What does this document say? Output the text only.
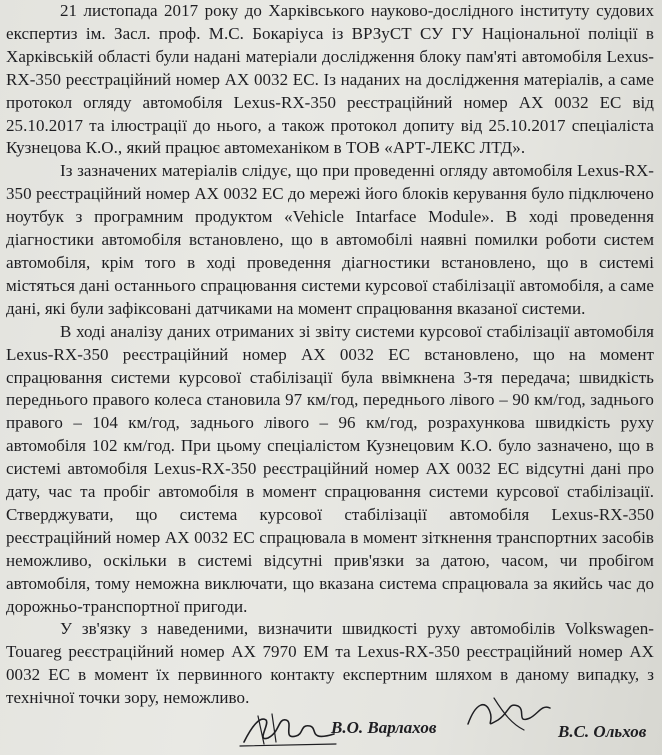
21 листопада 2017 року до Харківського науково-дослідного інституту судових експертиз ім. Засл. проф. М.С. Бокаріуса із ВРЗуСТ СУ ГУ Національної поліції в Харківській області були надані матеріали дослідження блоку пам'яті автомобіля Lexus-RX-350 реєстраційний номер АХ 0032 ЕС. Із наданих на дослідження матеріалів, а саме протокол огляду автомобіля Lexus-RX-350 реєстраційний номер АХ 0032 ЕС від 25.10.2017 та ілюстрації до нього, а також протокол допиту від 25.10.2017 спеціаліста Кузнецова К.О., який працює автомеханіком в ТОВ «АРТ-ЛЕКС ЛТД».

Із зазначених матеріалів слідує, що при проведенні огляду автомобіля Lexus-RX-350 реєстраційний номер АХ 0032 ЕС до мережі його блоків керування було підключено ноутбук з програмним продуктом «Vehicle Intarface Module». В ході проведення діагностики автомобіля встановлено, що в автомобілі наявні помилки роботи систем автомобіля, крім того в ході проведення діагностики встановлено, що в системі містяться дані останнього спрацювання системи курсової стабілізації автомобіля, а саме дані, які були зафіксовані датчиками на момент спрацювання вказаної системи.

В ході аналізу даних отриманих зі звіту системи курсової стабілізації автомобіля Lexus-RX-350 реєстраційний номер АХ 0032 ЕС встановлено, що на момент спрацювання системи курсової стабілізації була ввімкнена 3-тя передача; швидкість переднього правого колеса становила 97 км/год, переднього лівого – 90 км/год, заднього правого – 104 км/год, заднього лівого – 96 км/год, розрахункова швидкість руху автомобіля 102 км/год. При цьому спеціалістом Кузнецовим К.О. було зазначено, що в системі автомобіля Lexus-RX-350 реєстраційний номер АХ 0032 ЕС відсутні дані про дату, час та пробіг автомобіля в момент спрацювання системи курсової стабілізації. Стверджувати, що система курсової стабілізації автомобіля Lexus-RX-350 реєстраційний номер АХ 0032 ЕС спрацювала в момент зіткнення транспортних засобів неможливо, оскільки в системі відсутні прив'язки за датою, часом, чи пробігом автомобіля, тому неможна виключати, що вказана система спрацювала за якийсь час до дорожньо-транспортної пригоди.

У зв'язку з наведеними, визначити швидкості руху автомобілів Volkswagen-Touareg реєстраційний номер АХ 7970 ЕМ та Lexus-RX-350 реєстраційний номер АХ 0032 ЕС в момент їх первинного контакту експертним шляхом в даному випадку, з технічної точки зору, неможливо.

В.О. Варлахов	В.С. Ольхов
